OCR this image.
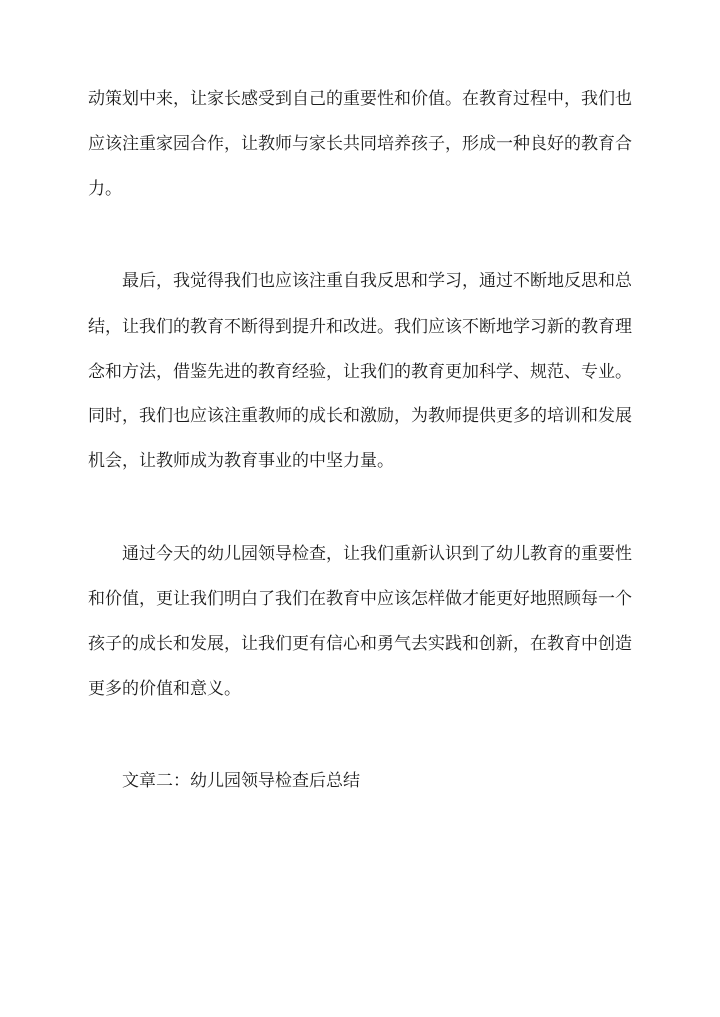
动策划中来，让家长感受到自己的重要性和价值。在教育过程中，我们也
应该注重家园合作，让教师与家长共同培养孩子，形成一种良好的教育合
力。
最后，我觉得我们也应该注重自我反思和学习，通过不断地反思和总
结，让我们的教育不断得到提升和改进。我们应该不断地学习新的教育理
念和方法，借鉴先进的教育经验，让我们的教育更加科学、规范、专业。
同时，我们也应该注重教师的成长和激励，为教师提供更多的培训和发展
机会，让教师成为教育事业的中坚力量。
通过今天的幼儿园领导检查，让我们重新认识到了幼儿教育的重要性
和价值，更让我们明白了我们在教育中应该怎样做才能更好地照顾每一个
孩子的成长和发展，让我们更有信心和勇气去实践和创新，在教育中创造
更多的价值和意义。
文章二：幼儿园领导检查后总结
